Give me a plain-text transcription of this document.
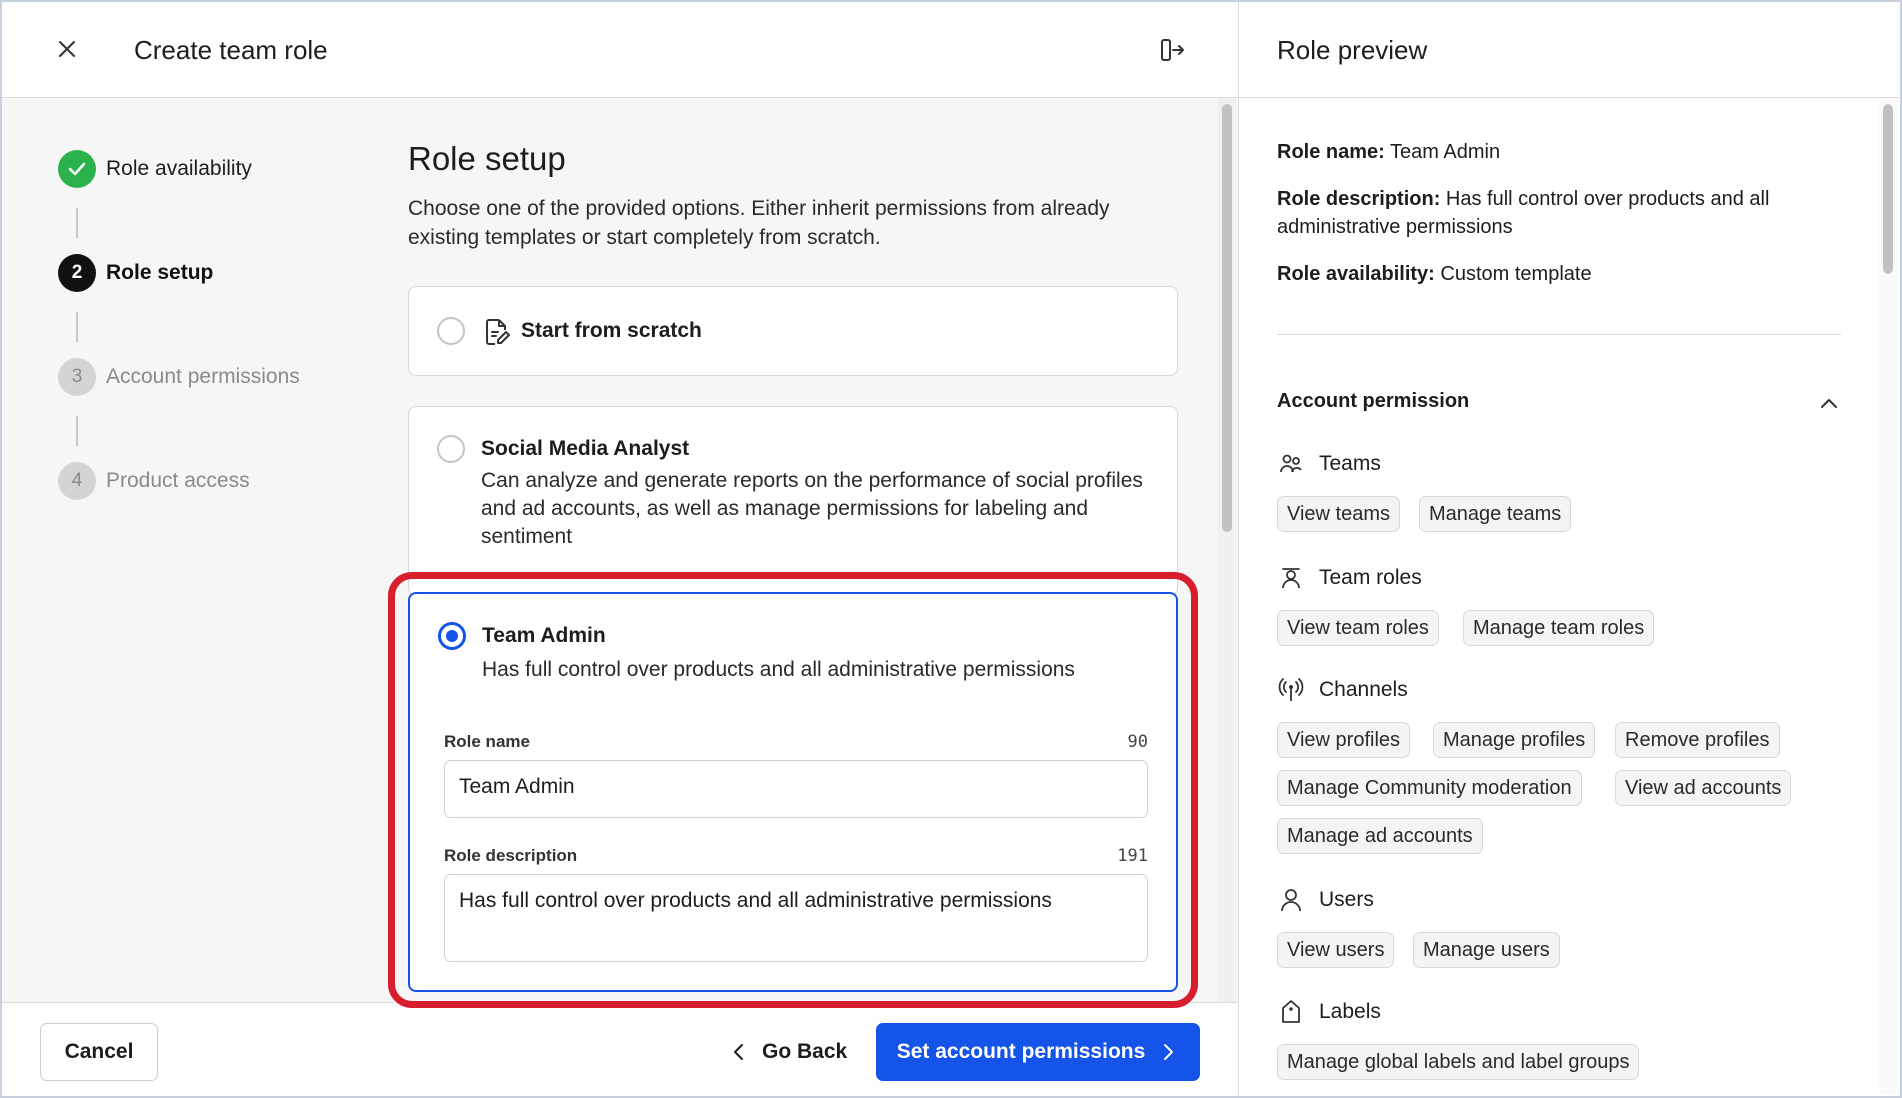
Create team role
Role availability
2	Role setup
3	Account permissions
4	Product access
Role setup
Choose one of the provided options. Either inherit permissions from already existing templates or start completely from scratch.
Start from scratch
Social Media Analyst
Can analyze and generate reports on the performance of social profiles and ad accounts, as well as manage permissions for labeling and sentiment
Team Admin
Has full control over products and all administrative permissions
Role name	90
Team Admin
Role description	191
Has full control over products and all administrative permissions
Cancel	Go Back Set account permissions
Role preview
Role name: Team Admin
Role description: Has full control over products and all administrative permissions
Role availability: Custom template
Account permission
Teams
View teams	Manage teams
Team roles
View team roles	Manage team roles
Channels
View profiles	Manage profiles	Remove profiles
Manage Community moderation	View ad accounts
Manage ad accounts
Users
View users	Manage users
Labels
Manage global labels and label groups
